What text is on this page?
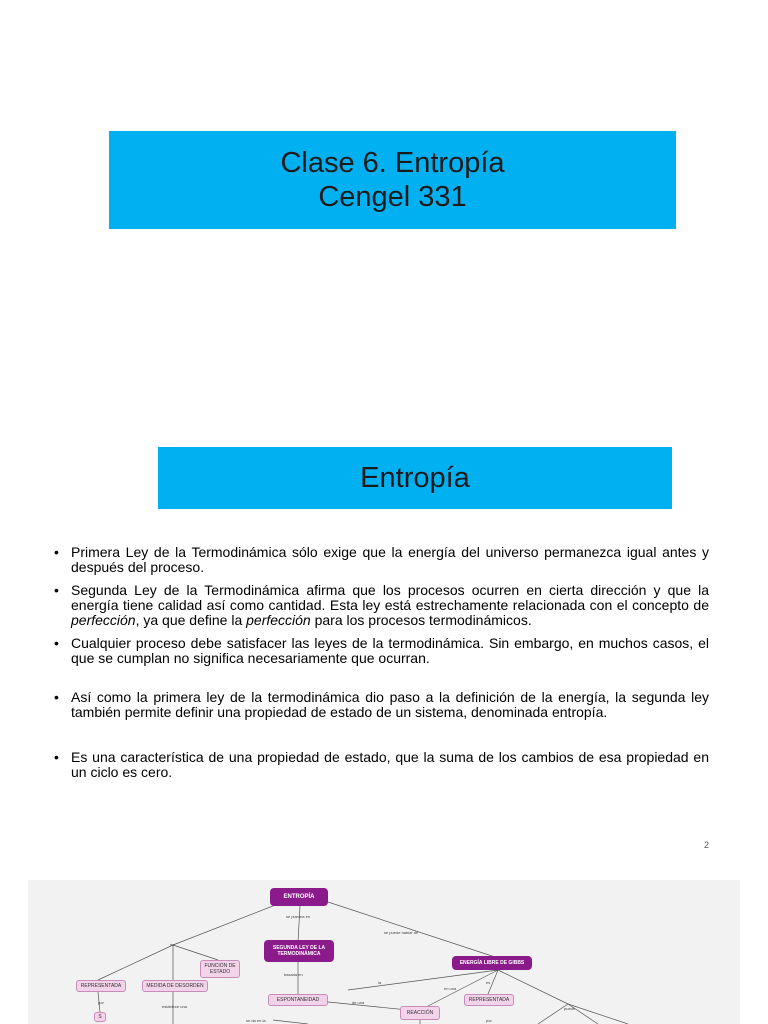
Clase 6. Entropía
Cengel 331
Entropía
• Primera Ley de la Termodinámica sólo exige que la energía del universo permanezca igual antes y después del proceso.
• Segunda Ley de la Termodinámica afirma que los procesos ocurren en cierta dirección y que la energía tiene calidad así como cantidad. Esta ley está estrechamente relacionada con el concepto de perfección, ya que define la perfección para los procesos termodinámicos.
• Cualquier proceso debe satisfacer las leyes de la termodinámica. Sin embargo, en muchos casos, el que se cumplan no significa necesariamente que ocurran.
• Así como la primera ley de la termodinámica dio paso a la definición de la energía, la segunda ley también permite definir una propiedad de estado de un sistema, denominada entropía.
• Es una característica de una propiedad de estado, que la suma de los cambios de esa propiedad en un ciclo es cero.
2
ENTROPÍA
SEGUNDA LEY DE LA TERMODINÁMICA
ENERGÍA LIBRE DE GIBBS
FUNCIÓN DE ESTADO
REPRESENTADA	MEDIDA DE DESORDEN
ESPONTANEIDAD
REACCIÓN
REPRESENTADA
S
se plantea en
se puede hablar de
es
basada en
establece una
por
la
de una
en una
es
se da en la	por
puede
